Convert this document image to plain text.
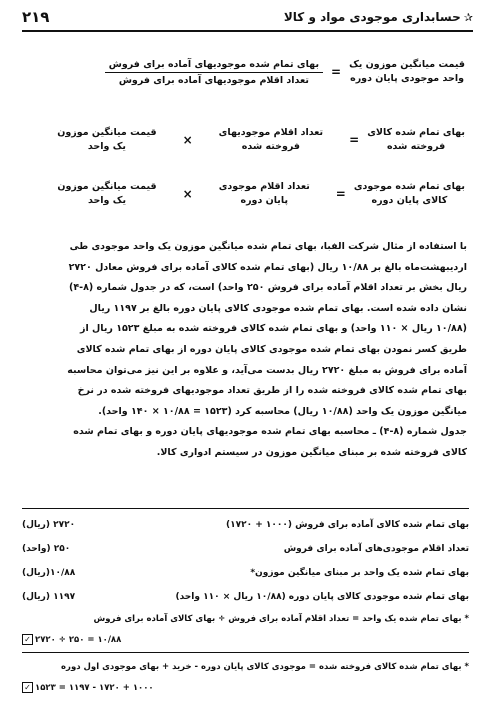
✰حسابداری موجودی مواد و کالا
۲۱۹
قیمت میانگین موزون یک
واحد موجودی پایان دوره
=
$\frac{\text{بهای تمام شده موجودیهای آماده برای فروش}}{\text{تعداد اقلام موجودیهای آماده برای فروش}}$
بهای تمام شده کالای
فروخته شده
=
تعداد اقلام موجودیهای
فروخته شده
×
قیمت میانگین موزون
یک واحد
بهای تمام شده موجودی
کالای پایان دوره
=
تعداد اقلام موجودی
پایان دوره
×
قیمت میانگین موزون
یک واحد
با استفاده از مثال شرکت الفبا، بهای تمام شده میانگین موزون یک واحد موجودی طی
اردیبهشت‌ماه بالغ بر ۱۰/۸۸ ریال (بهای تمام شده کالای آماده برای فروش معادل ۲۷۲۰
ریال بخش بر تعداد اقلام آماده برای فروش ۲۵۰ واحد) است، که در جدول شماره (۸-۴)
نشان داده شده است. بهای تمام شده موجودی کالای پایان دوره بالغ بر ۱۱۹۷ ریال
(۱۰/۸۸ ریال × ۱۱۰ واحد) و بهای تمام شده کالای فروخته شده به مبلغ ۱۵۲۳ ریال از
طریق کسر نمودن بهای تمام شده موجودی کالای پایان دوره از بهای تمام شده کالای
آماده برای فروش به مبلغ ۲۷۲۰ ریال بدست می‌آید، و علاوه بر این نیز می‌توان محاسبه
بهای تمام شده کالای فروخته شده را از طریق تعداد موجودیهای فروخته شده در نرخ
میانگین موزون یک واحد (۱۰/۸۸ ریال) محاسبه کرد (۱۵۲۳ = ۱۰/۸۸ × ۱۴۰ واحد).
جدول شماره (۸-۴) ـ محاسبه بهای تمام شده موجودیهای پایان دوره و بهای تمام شده
کالای فروخته شده بر مبنای میانگین موزون در سیستم ادواری کالا.
بهای تمام شده کالای آماده برای فروش (۱۰۰۰ + ۱۷۲۰)
۲۷۲۰ (ریال)
تعداد اقلام موجودی‌های آماده برای فروش
۲۵۰ (واحد)
بهای تمام شده یک واحد بر مبنای میانگین موزون*
۱۰/۸۸(ریال)
بهای تمام شده موجودی کالای پایان دوره (۱۰/۸۸ ریال × ۱۱۰ واحد)
۱۱۹۷ (ریال)
* بهای تمام شده یک واحد = تعداد اقلام آماده برای فروش ÷ بهای کالای آماده برای فروش
۱۰/۸۸ = ۲۵۰ ÷ ۲۷۲۰✓
* بهای تمام شده کالای فروخته شده = موجودی کالای پایان دوره - خرید + بهای موجودی اول دوره
۱۰۰۰ + ۱۷۲۰ - ۱۱۹۷ = ۱۵۲۳✓
